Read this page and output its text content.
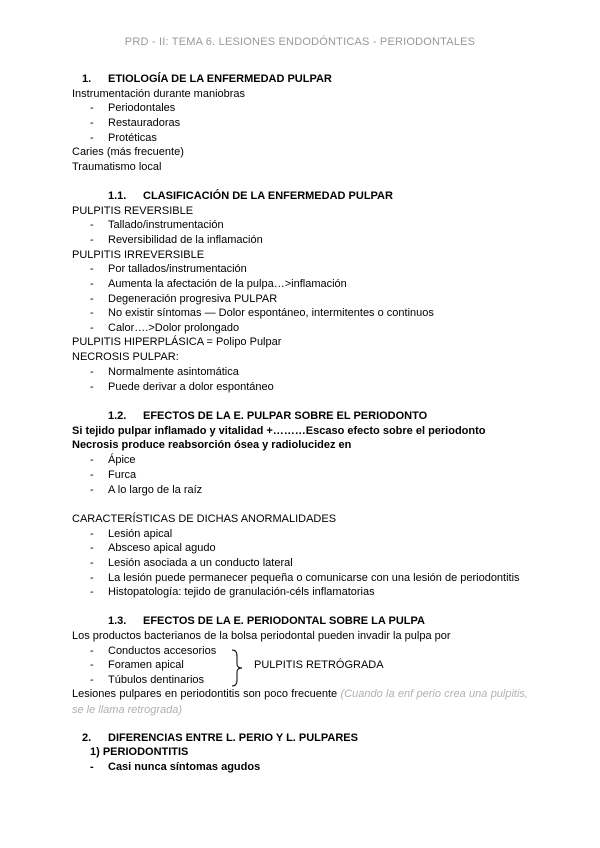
PRD - II: TEMA 6. LESIONES ENDODÓNTICAS - PERIODONTALES
1. ETIOLOGÍA DE LA ENFERMEDAD PULPAR
Instrumentación durante maniobras
- Periodontales
- Restauradoras
- Protéticas
Caries (más frecuente)
Traumatismo local
1.1. CLASIFICACIÓN DE LA ENFERMEDAD PULPAR
PULPITIS REVERSIBLE
- Tallado/instrumentación
- Reversibilidad de la inflamación
PULPITIS IRREVERSIBLE
- Por tallados/instrumentación
- Aumenta la afectación de la pulpa…>inflamación
- Degeneración progresiva PULPAR
- No existir síntomas — Dolor espontáneo, intermitentes o continuos
- Calor….>Dolor prolongado
PULPITIS HIPERPLÁSICA = Polipo Pulpar
NECROSIS PULPAR:
- Normalmente asintomática
- Puede derivar a dolor espontáneo
1.2. EFECTOS DE LA E. PULPAR SOBRE EL PERIODONTO
Si tejido pulpar inflamado y vitalidad +………Escaso efecto sobre el periodonto
Necrosis produce reabsorción ósea y radiolucidez en
- Ápice
- Furca
- A lo largo de la raíz
CARACTERÍSTICAS DE DICHAS ANORMALIDADES
- Lesión apical
- Absceso apical agudo
- Lesión asociada a un conducto lateral
- La lesión puede permanecer pequeña o comunicarse con una lesión de periodontitis
- Histopatología: tejido de granulación-céls inflamatorias
1.3. EFECTOS DE LA E. PERIODONTAL SOBRE LA PULPA
Los productos bacterianos de la bolsa periodontal pueden invadir la pulpa por
- Conductos accesorios
- Foramen apical
- Túbulos dentinarios
PULPITIS RETRÓGRADA
Lesiones pulpares en periodontitis son poco frecuente (Cuando la enf perio crea una pulpitis, se le llama retrograda)
2. DIFERENCIAS ENTRE L. PERIO Y L. PULPARES
1) PERIODONTITIS
- Casi nunca síntomas agudos
